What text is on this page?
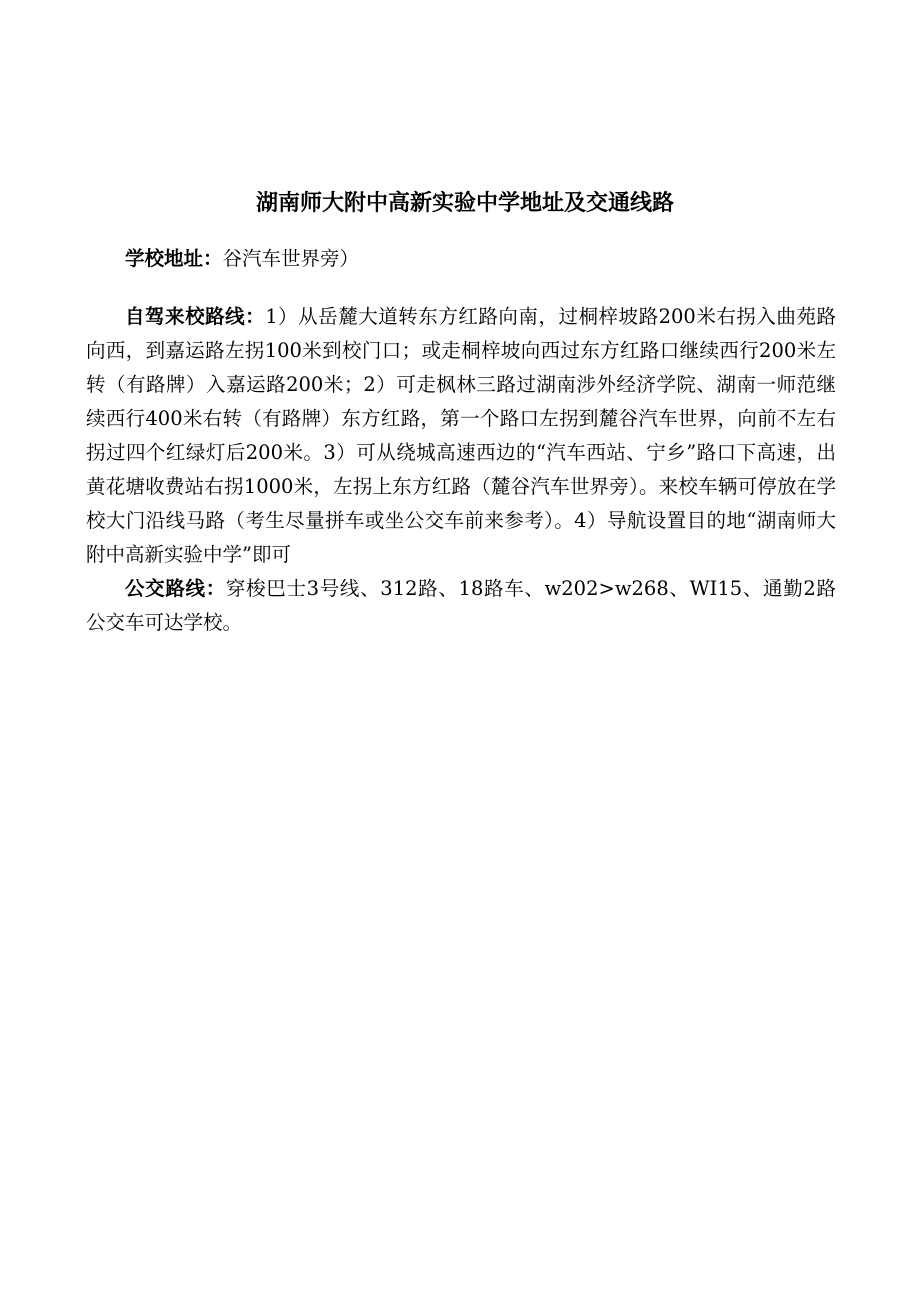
湖南师大附中高新实验中学地址及交通线路

学校地址：谷汽车世界旁）

自驾来校路线：1）从岳麓大道转东方红路向南，过桐梓坡路200米右拐入曲苑路向西，到嘉运路左拐100米到校门口；或走桐梓坡向西过东方红路口继续西行200米左转（有路牌）入嘉运路200米；2）可走枫林三路过湖南涉外经济学院、湖南一师范继续西行400米右转（有路牌）东方红路，第一个路口左拐到麓谷汽车世界，向前不左右拐过四个红绿灯后200米。3）可从绕城高速西边的“汽车西站、宁乡”路口下高速，出黄花塘收费站右拐1000米，左拐上东方红路（麓谷汽车世界旁）。来校车辆可停放在学校大门沿线马路（考生尽量拼车或坐公交车前来参考）。4）导航设置目的地“湖南师大附中高新实验中学”即可

公交路线：穿梭巴士3号线、312路、18路车、w202>w268、WI15、通勤2路公交车可达学校。
